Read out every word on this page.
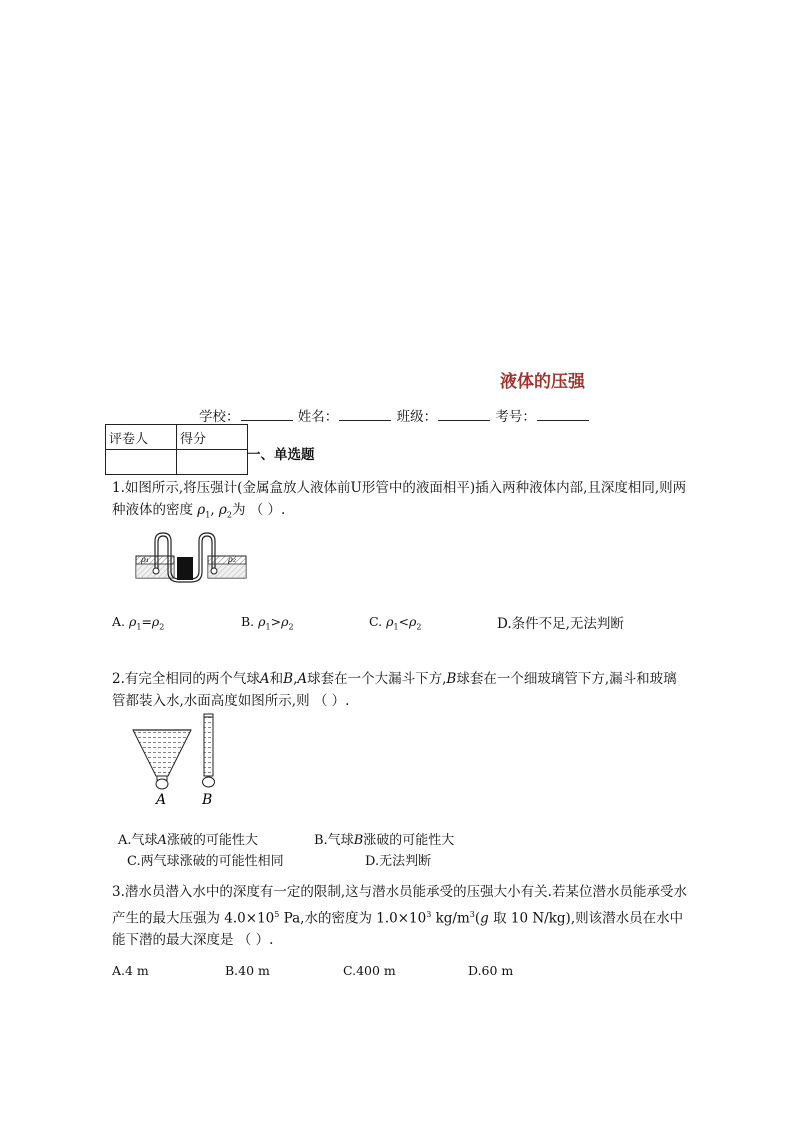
液体的压强
学校：	姓名：	班级：	考号：
评卷人	得分

一、单选题
1.如图所示,将压强计(金属盒放人液体前U形管中的液面相平)插入两种液体内部,且深度相同,则两种液体的密度 $\rho_1$, $\rho_2$为 （ ）.
ρ₁	ρ₂
A. $\rho_1=\rho_2$	B. $\rho_1>\rho_2$	C. $\rho_1<\rho_2$	D.条件不足,无法判断
2.有完全相同的两个气球A和B,A球套在一个大漏斗下方,B球套在一个细玻璃管下方,漏斗和玻璃管都装入水,水面高度如图所示,则 （ ）.
A	B
A.气球A涨破的可能性大	B.气球B涨破的可能性大
C.两气球涨破的可能性相同	D.无法判断
3.潜水员潜入水中的深度有一定的限制,这与潜水员能承受的压强大小有关.若某位潜水员能承受水产生的最大压强为 $4.0\times 10^5$ Pa,水的密度为 $1.0\times 10^3$ $kg/m^3(g$ 取 10 N/kg),则该潜水员在水中能下潜的最大深度是 （ ）.
A.4 m	B.40 m	C.400 m	D.60 m
